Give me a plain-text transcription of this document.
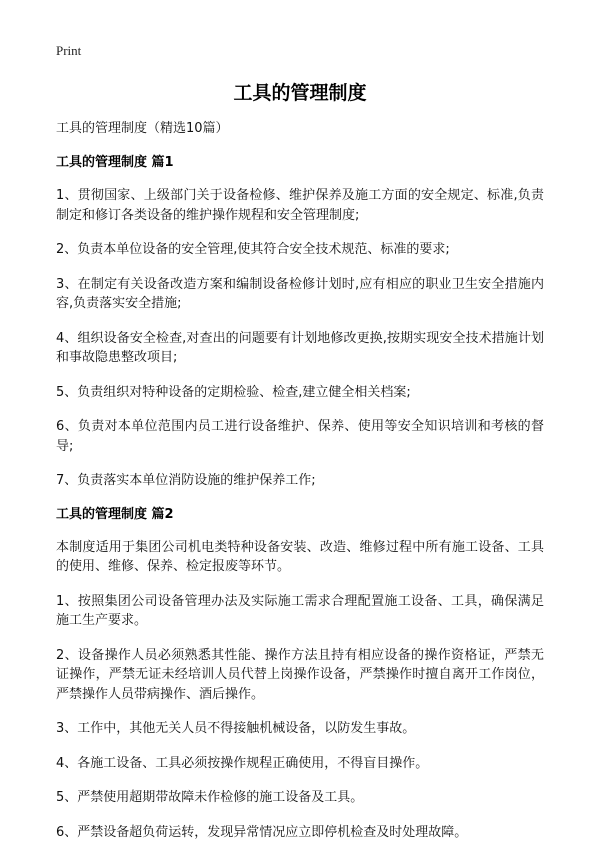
Print
工具的管理制度
工具的管理制度（精选10篇）
工具的管理制度 篇1
1、贯彻国家、上级部门关于设备检修、维护保养及施工方面的安全规定、标准,负责制定和修订各类设备的维护操作规程和安全管理制度;
2、负责本单位设备的安全管理,使其符合安全技术规范、标准的要求;
3、在制定有关设备改造方案和编制设备检修计划时,应有相应的职业卫生安全措施内容,负责落实安全措施;
4、组织设备安全检查,对查出的问题要有计划地修改更换,按期实现安全技术措施计划和事故隐患整改项目;
5、负责组织对特种设备的定期检验、检查,建立健全相关档案;
6、负责对本单位范围内员工进行设备维护、保养、使用等安全知识培训和考核的督导;
7、负责落实本单位消防设施的维护保养工作;
工具的管理制度 篇2
本制度适用于集团公司机电类特种设备安装、改造、维修过程中所有施工设备、工具的使用、维修、保养、检定报废等环节。
1、按照集团公司设备管理办法及实际施工需求合理配置施工设备、工具，确保满足施工生产要求。
2、设备操作人员必须熟悉其性能、操作方法且持有相应设备的操作资格证，严禁无证操作，严禁无证未经培训人员代替上岗操作设备，严禁操作时擅自离开工作岗位，严禁操作人员带病操作、酒后操作。
3、工作中，其他无关人员不得接触机械设备，以防发生事故。
4、各施工设备、工具必须按操作规程正确使用，不得盲目操作。
5、严禁使用超期带故障未作检修的施工设备及工具。
6、严禁设备超负荷运转，发现异常情况应立即停机检查及时处理故障。
